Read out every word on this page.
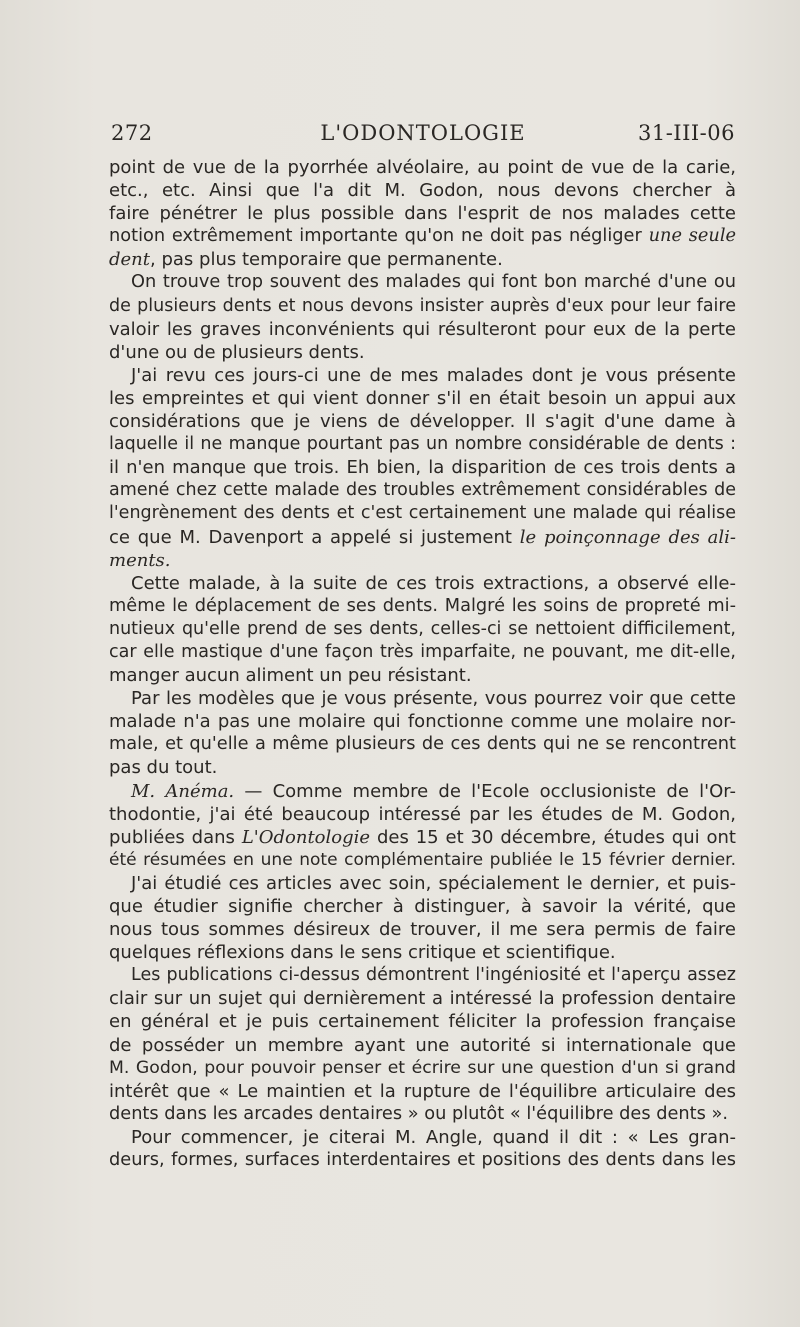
272	L'ODONTOLOGIE	31-III-06
point de vue de la pyorrhée alvéolaire, au point de vue de la carie,
etc., etc. Ainsi que l'a dit M. Godon, nous devons chercher à
faire pénétrer le plus possible dans l'esprit de nos malades cette
notion extrêmement importante qu'on ne doit pas négliger une seule
dent, pas plus temporaire que permanente.
On trouve trop souvent des malades qui font bon marché d'une ou
de plusieurs dents et nous devons insister auprès d'eux pour leur faire
valoir les graves inconvénients qui résulteront pour eux de la perte
d'une ou de plusieurs dents.
J'ai revu ces jours-ci une de mes malades dont je vous présente
les empreintes et qui vient donner s'il en était besoin un appui aux
considérations que je viens de développer. Il s'agit d'une dame à
laquelle il ne manque pourtant pas un nombre considérable de dents :
il n'en manque que trois. Eh bien, la disparition de ces trois dents a
amené chez cette malade des troubles extrêmement considérables de
l'engrènement des dents et c'est certainement une malade qui réalise
ce que M. Davenport a appelé si justement le poinçonnage des ali-
ments.
Cette malade, à la suite de ces trois extractions, a observé elle-
même le déplacement de ses dents. Malgré les soins de propreté mi-
nutieux qu'elle prend de ses dents, celles-ci se nettoient difficilement,
car elle mastique d'une façon très imparfaite, ne pouvant, me dit-elle,
manger aucun aliment un peu résistant.
Par les modèles que je vous présente, vous pourrez voir que cette
malade n'a pas une molaire qui fonctionne comme une molaire nor-
male, et qu'elle a même plusieurs de ces dents qui ne se rencontrent
pas du tout.
M. Anéma. — Comme membre de l'Ecole occlusioniste de l'Or-
thodontie, j'ai été beaucoup intéressé par les études de M. Godon,
publiées dans L'Odontologie des 15 et 30 décembre, études qui ont
été résumées en une note complémentaire publiée le 15 février dernier.
J'ai étudié ces articles avec soin, spécialement le dernier, et puis-
que étudier signifie chercher à distinguer, à savoir la vérité, que
nous tous sommes désireux de trouver, il me sera permis de faire
quelques réflexions dans le sens critique et scientifique.
Les publications ci-dessus démontrent l'ingéniosité et l'aperçu assez
clair sur un sujet qui dernièrement a intéressé la profession dentaire
en général et je puis certainement féliciter la profession française
de posséder un membre ayant une autorité si internationale que
M. Godon, pour pouvoir penser et écrire sur une question d'un si grand
intérêt que « Le maintien et la rupture de l'équilibre articulaire des
dents dans les arcades dentaires » ou plutôt « l'équilibre des dents ».
Pour commencer, je citerai M. Angle, quand il dit : « Les gran-
deurs, formes, surfaces interdentaires et positions des dents dans les
